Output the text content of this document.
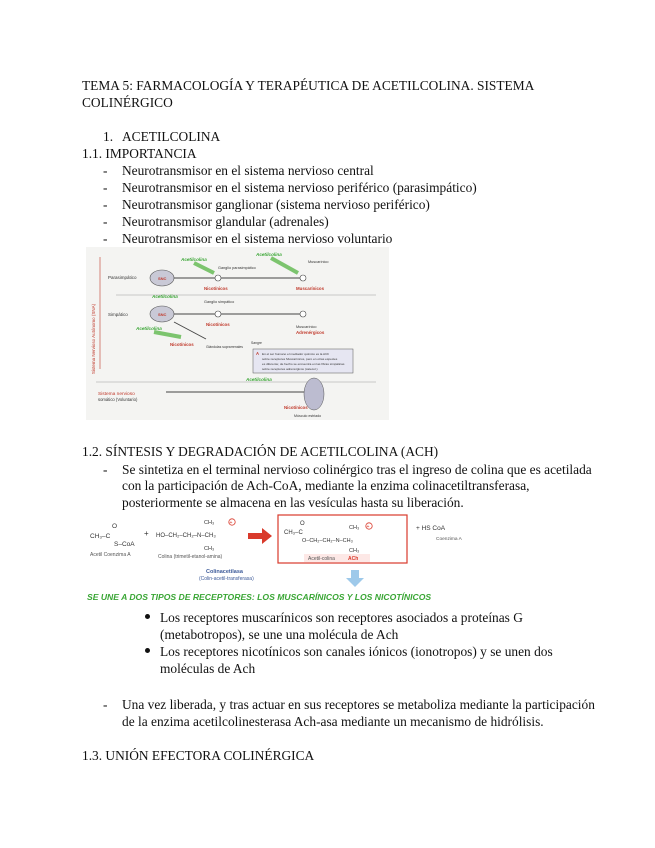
TEMA 5: FARMACOLOGÍA Y TERAPÉUTICA DE ACETILCOLINA. SISTEMA
COLINÉRGICO
1. ACETILCOLINA
1.1. IMPORTANCIA
- Neurotransmisor en el sistema nervioso central
- Neurotransmisor en el sistema nervioso periférico (parasimpático)
- Neurotransmisor ganglionar (sistema nervioso periférico)
- Neurotransmisor glandular (adrenales)
- Neurotransmisor en el sistema nervioso voluntario
Sistema Nervioso Autónomo (SNA)
Parasimpático	SNC
Acetilcolina
Ganglio parasimpático
Acetilcolina
Muscarínico
Nicotínicos	Muscarínicos
Simpático
Acetilcolina
SNC
Ganglio simpático
Nicotínicos	Muscarínico
Adrenérgicos
Acetilcolina
Nicotínicos	Glándulas suprarrenales
Sangre
A En el ser humano el mediador químico es la ACh
sobre receptores Muscarínicos, pero en otras especies
es diferente; de hecho se encuentra en las fibras simpáticas
sobre receptores adrenérgicos (catecol.)
Acetilcolina
Sistema nervioso
somático (Voluntario)
Nicotínicos
Músculo estriado
1.2. SÍNTESIS Y DEGRADACIÓN DE ACETILCOLINA (ACH)
- Se sintetiza en el terminal nervioso colinérgico tras el ingreso de colina que es acetilada
con la participación de Ach-CoA, mediante la enzima colinacetiltransferasa,
posteriormente se almacena en las vesículas hasta su liberación.
CH₃–C
O
S–CoA
Acetil Coenzima A
+
CH₃
HO–CH₂–CH₂–N–CH₃
CH₃
+
Colina (trimetil-etanol-amina)
CH₃–C
O
O–CH₂–CH₂–N–CH₃
CH₃
CH₃
+
Acetil-colina	ACh
+ HS CoA
Coenzima A
Colinacetilasa
(Colin-acetil-transferasa)
SE UNE A DOS TIPOS DE RECEPTORES: LOS MUSCARÍNICOS Y LOS NICOTÍNICOS
Los receptores muscarínicos son receptores asociados a proteínas G
(metabotropos), se une una molécula de Ach
Los receptores nicotínicos son canales iónicos (ionotropos) y se unen dos
moléculas de Ach
- Una vez liberada, y tras actuar en sus receptores se metaboliza mediante la participación
de la enzima acetilcolinesterasa Ach-asa mediante un mecanismo de hidrólisis.
1.3. UNIÓN EFECTORA COLINÉRGICA
